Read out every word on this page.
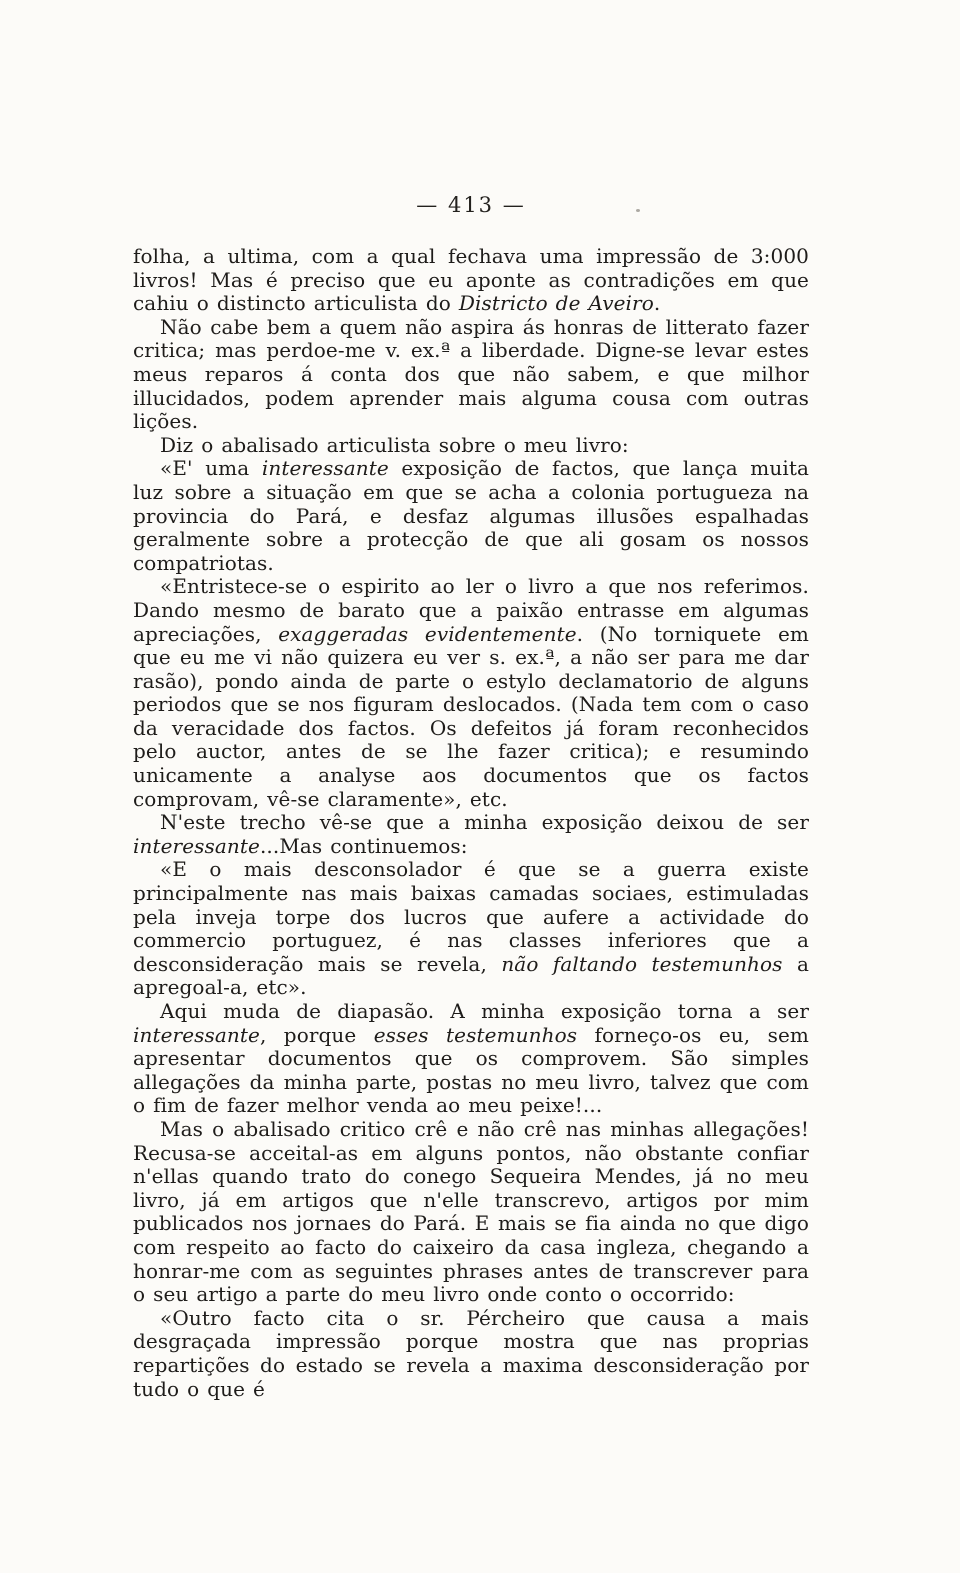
— 413 —

folha, a ultima, com a qual fechava uma impressão de 3:000 livros! Mas é preciso que eu aponte as contradições em que cahiu o distincto articulista do Districto de Aveiro.

Não cabe bem a quem não aspira ás honras de litterato fazer critica; mas perdoe-me v. ex.ª a liberdade. Digne-se levar estes meus reparos á conta dos que não sabem, e que milhor illucidados, podem aprender mais alguma cousa com outras lições.

Diz o abalisado articulista sobre o meu livro:

«E' uma interessante exposição de factos, que lança muita luz sobre a situação em que se acha a colonia portugueza na provincia do Pará, e desfaz algumas illusões espalhadas geralmente sobre a protecção de que ali gosam os nossos compatriotas.

«Entristece-se o espirito ao ler o livro a que nos referimos. Dando mesmo de barato que a paixão entrasse em algumas apreciações, exaggeradas evidentemente. (No torniquete em que eu me vi não quizera eu ver s. ex.ª, a não ser para me dar rasão), pondo ainda de parte o estylo declamatorio de alguns periodos que se nos figuram deslocados. (Nada tem com o caso da veracidade dos factos. Os defeitos já foram reconhecidos pelo auctor, antes de se lhe fazer critica); e resumindo unicamente a analyse aos documentos que os factos comprovam, vê-se claramente», etc.

N'este trecho vê-se que a minha exposição deixou de ser interessante...Mas continuemos:

«E o mais desconsolador é que se a guerra existe principalmente nas mais baixas camadas sociaes, estimuladas pela inveja torpe dos lucros que aufere a actividade do commercio portuguez, é nas classes inferiores que a desconsideração mais se revela, não faltando testemunhos a apregoal-a, etc».

Aqui muda de diapasão. A minha exposição torna a ser interessante, porque esses testemunhos forneço-os eu, sem apresentar documentos que os comprovem. São simples allegações da minha parte, postas no meu livro, talvez que com o fim de fazer melhor venda ao meu peixe!...

Mas o abalisado critico crê e não crê nas minhas allegações! Recusa-se acceital-as em alguns pontos, não obstante confiar n'ellas quando trato do conego Sequeira Mendes, já no meu livro, já em artigos que n'elle transcrevo, artigos por mim publicados nos jornaes do Pará. E mais se fia ainda no que digo com respeito ao facto do caixeiro da casa ingleza, chegando a honrar-me com as seguintes phrases antes de transcrever para o seu artigo a parte do meu livro onde conto o occorrido:

«Outro facto cita o sr. Pércheiro que causa a mais desgraçada impressão porque mostra que nas proprias repartições do estado se revela a maxima desconsideração por tudo o que é
